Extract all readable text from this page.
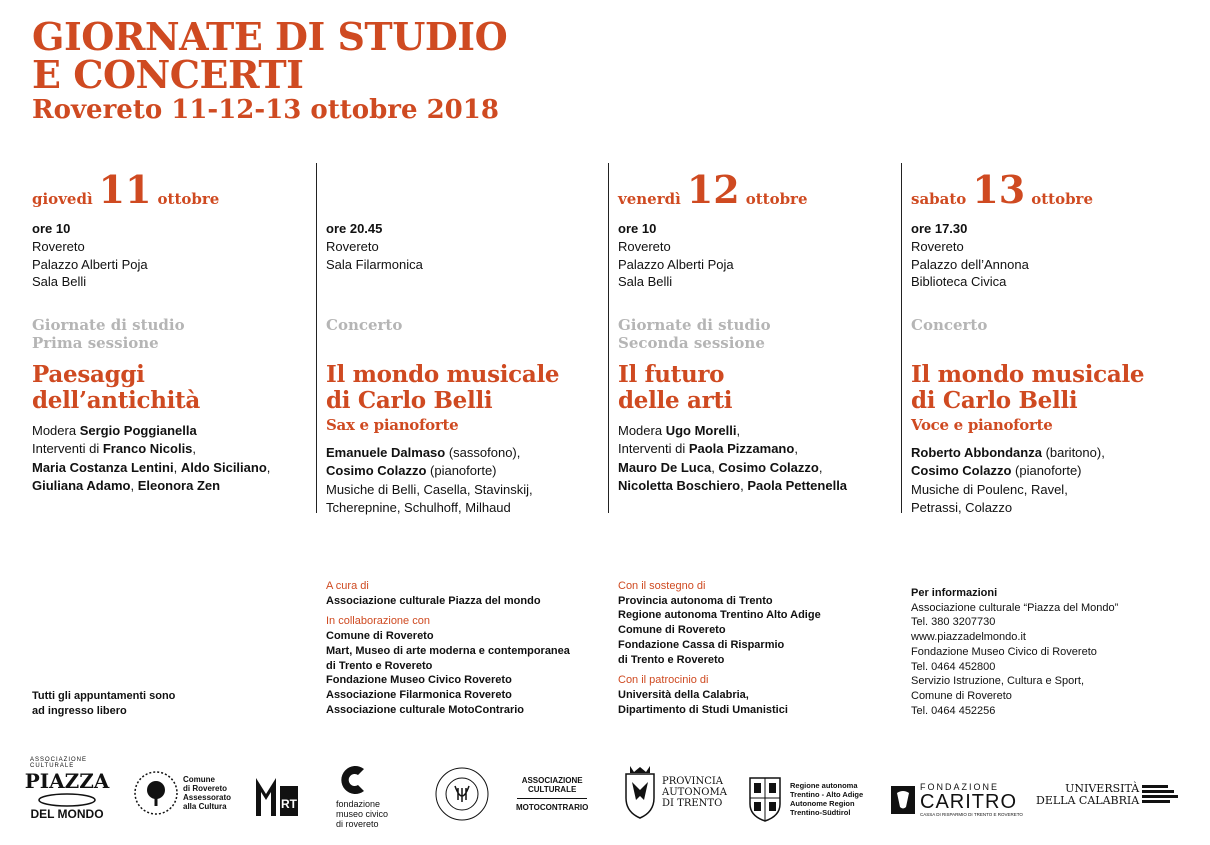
GIORNATE DI STUDIO
E CONCERTI
Rovereto 11-12-13 ottobre 2018
giovedì 11 ottobre
ore 10
Rovereto
Palazzo Alberti Poja
Sala Belli
Giornate di studio
Prima sessione
Paesaggi
dell’antichità
Modera Sergio Poggianella
Interventi di Franco Nicolis,
Maria Costanza Lentini, Aldo Siciliano,
Giuliana Adamo, Eleonora Zen
ore 20.45
Rovereto
Sala Filarmonica
Concerto
Il mondo musicale
di Carlo Belli
Sax e pianoforte
Emanuele Dalmaso (sassofono),
Cosimo Colazzo (pianoforte)
Musiche di Belli, Casella, Stavinskij,
Tcherepnine, Schulhoff, Milhaud
venerdì 12 ottobre
ore 10
Rovereto
Palazzo Alberti Poja
Sala Belli
Giornate di studio
Seconda sessione
Il futuro
delle arti
Modera Ugo Morelli,
Interventi di Paola Pizzamano,
Mauro De Luca, Cosimo Colazzo,
Nicoletta Boschiero, Paola Pettenella
sabato 13 ottobre
ore 17.30
Rovereto
Palazzo dell’Annona
Biblioteca Civica
Concerto
Il mondo musicale
di Carlo Belli
Voce e pianoforte
Roberto Abbondanza (baritono),
Cosimo Colazzo (pianoforte)
Musiche di Poulenc, Ravel,
Petrassi, Colazzo
Tutti gli appuntamenti sono
ad ingresso libero
A cura di
Associazione culturale Piazza del mondo
In collaborazione con
Comune di Rovereto
Mart, Museo di arte moderna e contemporanea
di Trento e Rovereto
Fondazione Museo Civico Rovereto
Associazione Filarmonica Rovereto
Associazione culturale MotoContrario
Con il sostegno di
Provincia autonoma di Trento
Regione autonoma Trentino Alto Adige
Comune di Rovereto
Fondazione Cassa di Risparmio
di Trento e Rovereto
Con il patrocinio di
Università della Calabria,
Dipartimento di Studi Umanistici
Per informazioni
Associazione culturale “Piazza del Mondo”
Tel. 380 3207730
www.piazzadelmondo.it
Fondazione Museo Civico di Rovereto
Tel. 0464 452800
Servizio Istruzione, Cultura e Sport,
Comune di Rovereto
Tel. 0464 452256
ASSOCIAZIONE CULTURALE
PIAZZA
DEL MONDO
Comune
di Rovereto
Assessorato
alla Cultura	RT	fondazione
museo civico
di rovereto
ASSOCIAZIONE
CULTURALE
MOTOCONTRARIO
PROVINCIA
AUTONOMA
DI TRENTO
Regione autonoma
Trentino - Alto Adige
Autonome Region
Trentino-Südtirol
FONDAZIONE
CARITRO
CASSA DI RISPARMIO DI TRENTO E ROVERETO
UNIVERSITÀ
DELLA CALABRIA
